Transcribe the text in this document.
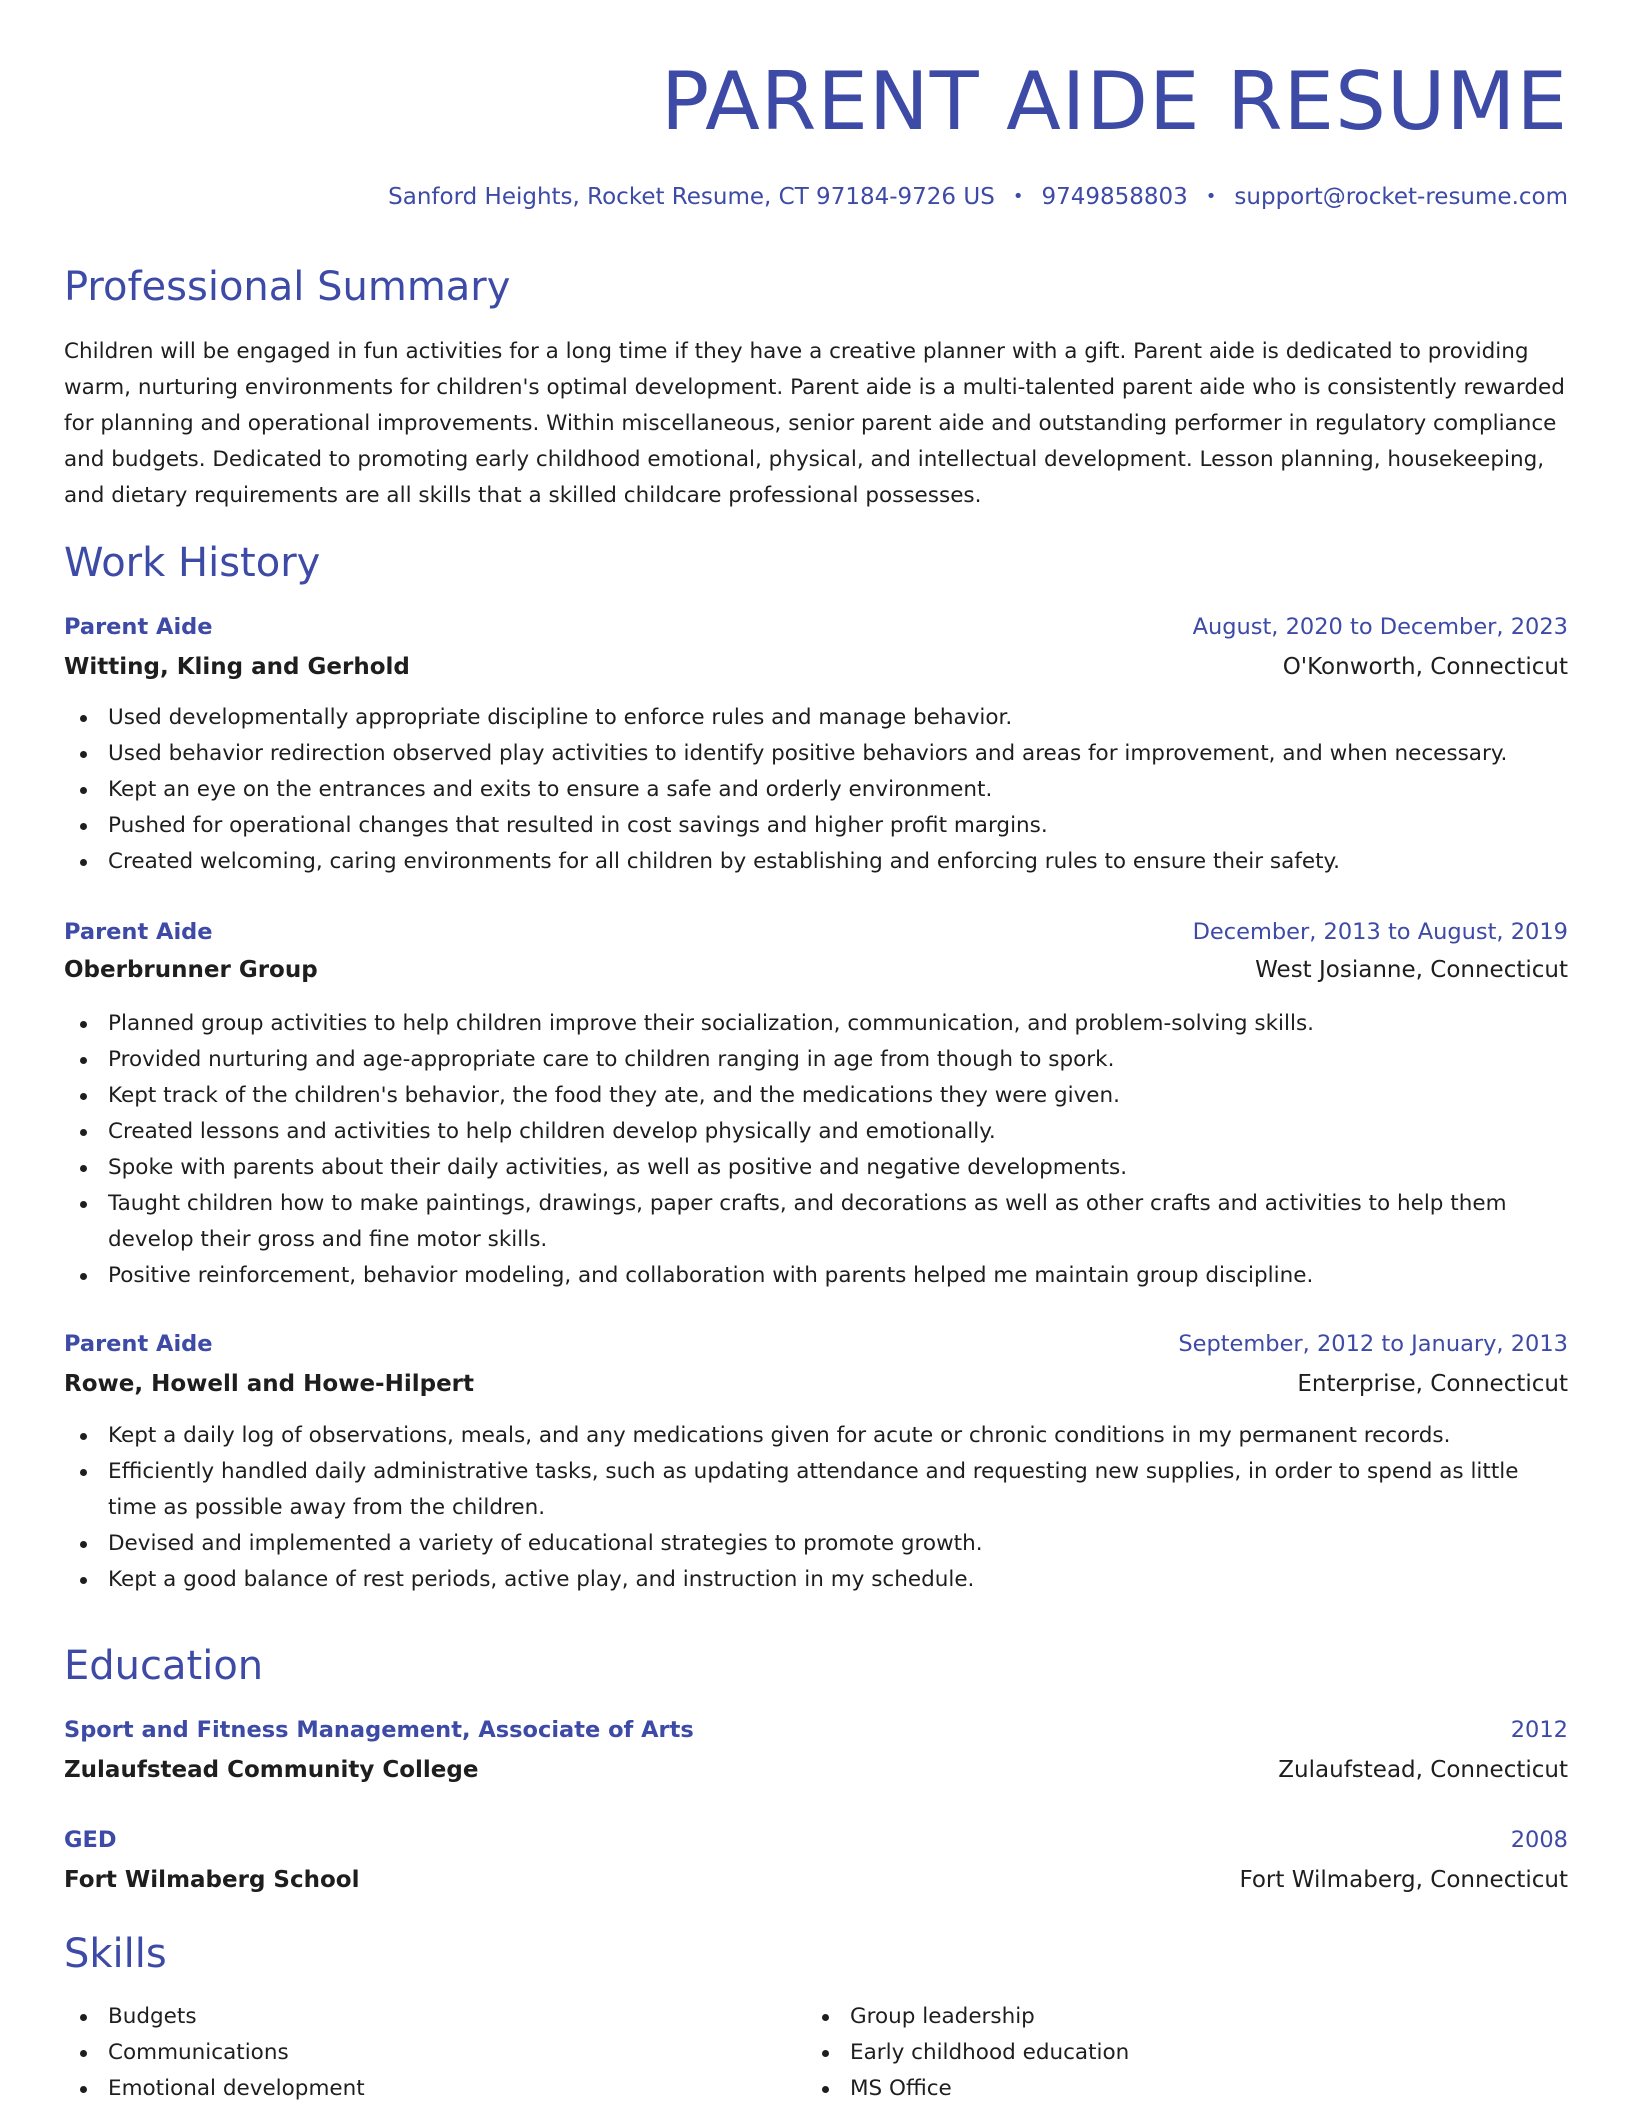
PARENT AIDE RESUME
Sanford Heights, Rocket Resume, CT 97184-9726 US • 9749858803 • support@rocket-resume.com
Professional Summary

Children will be engaged in fun activities for a long time if they have a creative planner with a gift. Parent aide is dedicated to providing warm, nurturing environments for children's optimal development. Parent aide is a multi-talented parent aide who is consistently rewarded for planning and operational improvements. Within miscellaneous, senior parent aide and outstanding performer in regulatory compliance and budgets. Dedicated to promoting early childhood emotional, physical, and intellectual development. Lesson planning, housekeeping, and dietary requirements are all skills that a skilled childcare professional possesses.

Work History
Parent Aide	August, 2020 to December, 2023
Witting, Kling and Gerhold	O'Konworth, Connecticut
Used developmentally appropriate discipline to enforce rules and manage behavior.
Used behavior redirection observed play activities to identify positive behaviors and areas for improvement, and when necessary.
Kept an eye on the entrances and exits to ensure a safe and orderly environment.
Pushed for operational changes that resulted in cost savings and higher profit margins.
Created welcoming, caring environments for all children by establishing and enforcing rules to ensure their safety.
Parent Aide	December, 2013 to August, 2019
Oberbrunner Group	West Josianne, Connecticut
Planned group activities to help children improve their socialization, communication, and problem-solving skills.
Provided nurturing and age-appropriate care to children ranging in age from though to spork.
Kept track of the children's behavior, the food they ate, and the medications they were given.
Created lessons and activities to help children develop physically and emotionally.
Spoke with parents about their daily activities, as well as positive and negative developments.
Taught children how to make paintings, drawings, paper crafts, and decorations as well as other crafts and activities to help them develop their gross and fine motor skills.
Positive reinforcement, behavior modeling, and collaboration with parents helped me maintain group discipline.
Parent Aide	September, 2012 to January, 2013
Rowe, Howell and Howe-Hilpert	Enterprise, Connecticut
Kept a daily log of observations, meals, and any medications given for acute or chronic conditions in my permanent records.
Efficiently handled daily administrative tasks, such as updating attendance and requesting new supplies, in order to spend as little time as possible away from the children.
Devised and implemented a variety of educational strategies to promote growth.
Kept a good balance of rest periods, active play, and instruction in my schedule.
Education
Sport and Fitness Management, Associate of Arts	2012
Zulaufstead Community College	Zulaufstead, Connecticut
GED	2008
Fort Wilmaberg School	Fort Wilmaberg, Connecticut
Skills
Budgets
Communications
Emotional development
Group leadership
Early childhood education
MS Office
